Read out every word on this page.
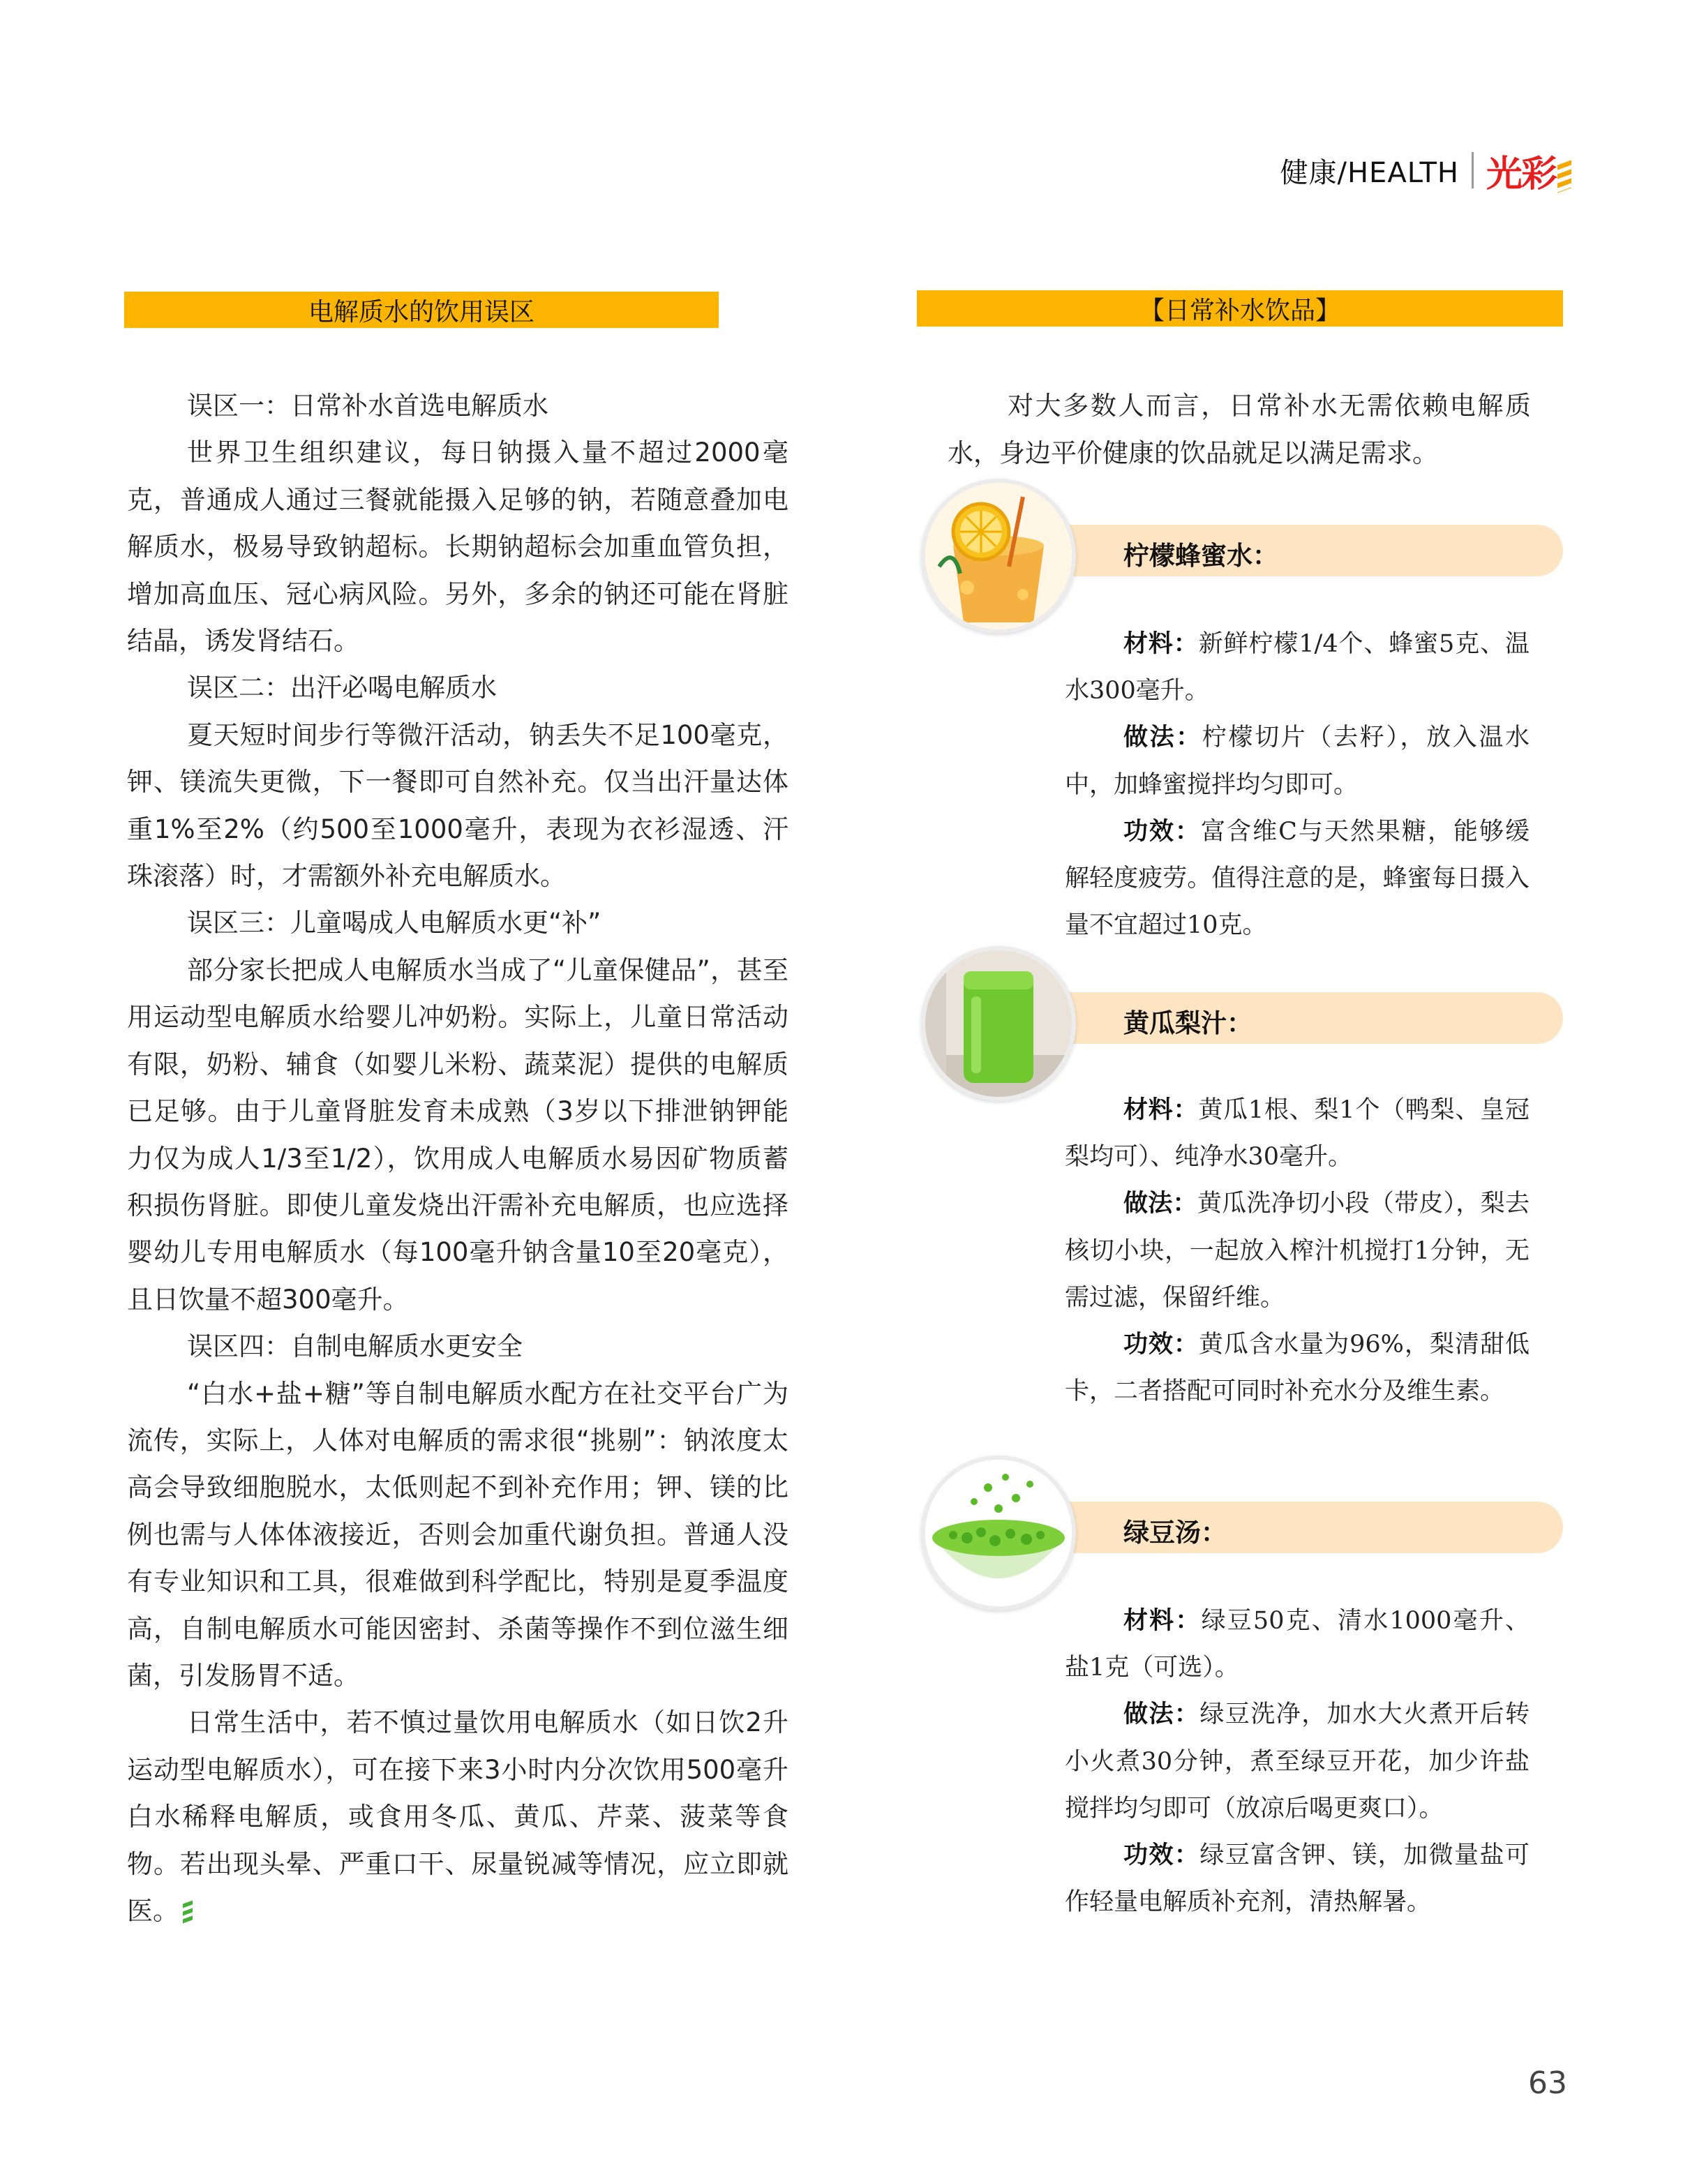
健康/HEALTH 光彩
电解质水的饮用误区

误区一：日常补水首选电解质水

世界卫生组织建议，每日钠摄入量不超过2000毫克，普通成人通过三餐就能摄入足够的钠，若随意叠加电解质水，极易导致钠超标。长期钠超标会加重血管负担，增加高血压、冠心病风险。另外，多余的钠还可能在肾脏结晶，诱发肾结石。

误区二：出汗必喝电解质水

夏天短时间步行等微汗活动，钠丢失不足100毫克，钾、镁流失更微，下一餐即可自然补充。仅当出汗量达体重1%至2%（约500至1000毫升，表现为衣衫湿透、汗珠滚落）时，才需额外补充电解质水。

误区三：儿童喝成人电解质水更“补”

部分家长把成人电解质水当成了“儿童保健品”，甚至用运动型电解质水给婴儿冲奶粉。实际上，儿童日常活动有限，奶粉、辅食（如婴儿米粉、蔬菜泥）提供的电解质已足够。由于儿童肾脏发育未成熟（3岁以下排泄钠钾能力仅为成人1/3至1/2），饮用成人电解质水易因矿物质蓄积损伤肾脏。即使儿童发烧出汗需补充电解质，也应选择婴幼儿专用电解质水（每100毫升钠含量10至20毫克），且日饮量不超300毫升。

误区四：自制电解质水更安全

“白水+盐+糖”等自制电解质水配方在社交平台广为流传，实际上，人体对电解质的需求很“挑剔”：钠浓度太高会导致细胞脱水，太低则起不到补充作用；钾、镁的比例也需与人体体液接近，否则会加重代谢负担。普通人没有专业知识和工具，很难做到科学配比，特别是夏季温度高，自制电解质水可能因密封、杀菌等操作不到位滋生细菌，引发肠胃不适。

日常生活中，若不慎过量饮用电解质水（如日饮2升运动型电解质水），可在接下来3小时内分次饮用500毫升白水稀释电解质，或食用冬瓜、黄瓜、芹菜、菠菜等食物。若出现头晕、严重口干、尿量锐减等情况，应立即就医。

【日常补水饮品】

对大多数人而言，日常补水无需依赖电解质水，身边平价健康的饮品就足以满足需求。

柠檬蜂蜜水：

材料：新鲜柠檬1/4个、蜂蜜5克、温水300毫升。

做法：柠檬切片（去籽），放入温水中，加蜂蜜搅拌均匀即可。

功效：富含维C与天然果糖，能够缓解轻度疲劳。值得注意的是，蜂蜜每日摄入量不宜超过10克。

黄瓜梨汁：

材料：黄瓜1根、梨1个（鸭梨、皇冠梨均可）、纯净水30毫升。

做法：黄瓜洗净切小段（带皮），梨去核切小块，一起放入榨汁机搅打1分钟，无需过滤，保留纤维。

功效：黄瓜含水量为96%，梨清甜低卡，二者搭配可同时补充水分及维生素。

绿豆汤：

材料：绿豆50克、清水1000毫升、盐1克（可选）。

做法：绿豆洗净，加水大火煮开后转小火煮30分钟，煮至绿豆开花，加少许盐搅拌均匀即可（放凉后喝更爽口）。

功效：绿豆富含钾、镁，加微量盐可作轻量电解质补充剂，清热解暑。

63
